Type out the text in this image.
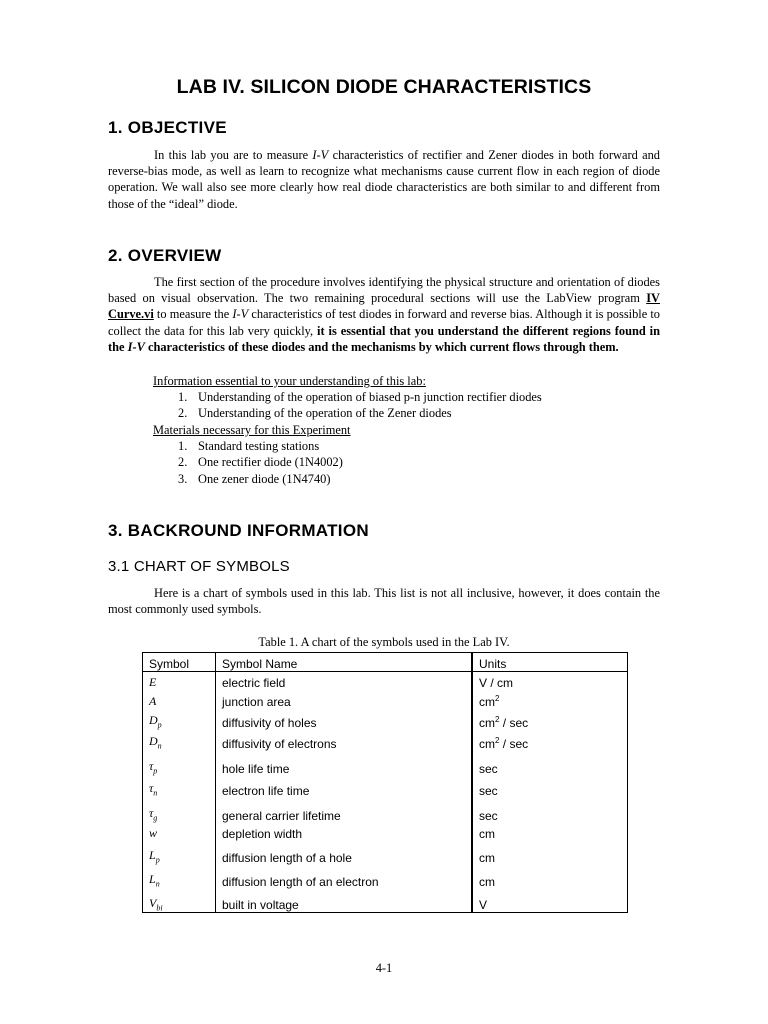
LAB IV. SILICON DIODE CHARACTERISTICS
1. OBJECTIVE

In this lab you are to measure I-V characteristics of rectifier and Zener diodes in both forward and reverse-bias mode, as well as learn to recognize what mechanisms cause current flow in each region of diode operation. We wall also see more clearly how real diode characteristics are both similar to and different from those of the “ideal” diode.

2. OVERVIEW

The first section of the procedure involves identifying the physical structure and orientation of diodes based on visual observation. The two remaining procedural sections will use the LabView program IV Curve.vi to measure the I-V characteristics of test diodes in forward and reverse bias. Although it is possible to collect the data for this lab very quickly, it is essential that you understand the different regions found in the I-V characteristics of these diodes and the mechanisms by which current flows through them.

Information essential to your understanding of this lab:
1. Understanding of the operation of biased p-n junction rectifier diodes
2. Understanding of the operation of the Zener diodes
Materials necessary for this Experiment
1. Standard testing stations
2. One rectifier diode (1N4002)
3. One zener diode (1N4740)
3. BACKROUND INFORMATION
3.1 CHART OF SYMBOLS

Here is a chart of symbols used in this lab. This list is not all inclusive, however, it does contain the most commonly used symbols.

Table 1. A chart of the symbols used in the Lab IV.
Symbol	Symbol Name	Units
E	electric field	V / cm
A	junction area	$cm^2$
$D_p$	diffusivity of holes	$cm^2$ / sec
$D_n$	diffusivity of electrons	$cm^2$ / sec
$\tau_p$	hole life time	sec
$\tau_n$	electron life time	sec
$\tau_g$	general carrier lifetime	sec
w	depletion width	cm
$L_p$	diffusion length of a hole	cm
$L_n$	diffusion length of an electron	cm
$V_{bi}$	built in voltage	V
4-1
